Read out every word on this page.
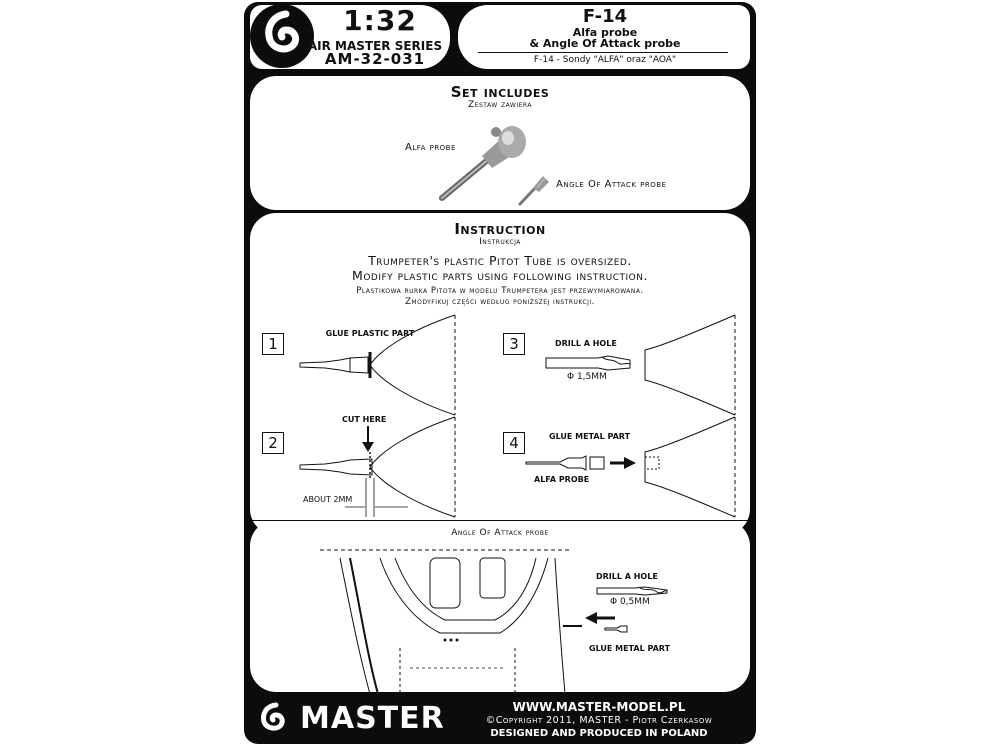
1:32
AIR MASTER SERIES
AM-32-031
F-14
Alfa probe
& Angle Of Attack probe
F-14 - Sondy "ALFA" oraz "AOA"
Set includes
Zestaw zawiera
Alfa probe
Angle Of Attack probe
Instruction
Instrukcja
Trumpeter's plastic Pitot Tube is oversized.
Modify plastic parts using following instruction.
Plastikowa rurka Pitota w modelu Trumpetera jest przewymiarowana.
Zmodyfikuj części według poniższej instrukcji.
1
2
3
4
GLUE PLASTIC PART
CUT HERE
ABOUT 2MM
DRILL A HOLE
Φ 1,5MM
GLUE METAL PART
ALFA PROBE
Angle Of Attack probe
DRILL A HOLE
Φ 0,5MM
GLUE METAL PART
MASTER	WWW.MASTER-MODEL.PL
©Copyright 2011, MASTER - Piotr Czerkasow
DESIGNED AND PRODUCED IN POLAND
